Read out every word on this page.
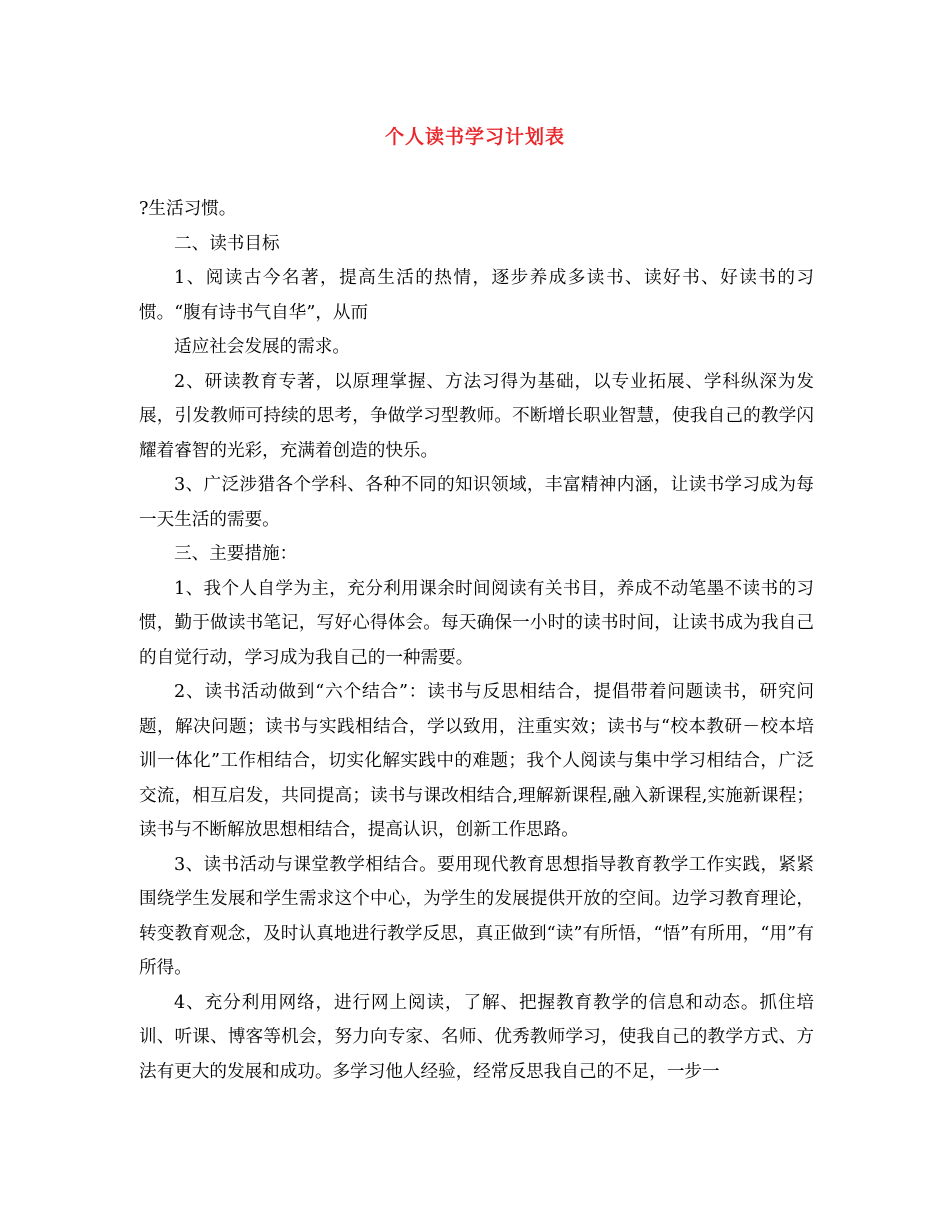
个人读书学习计划表

?生活习惯。

二、读书目标

1、阅读古今名著，提高生活的热情，逐步养成多读书、读好书、好读书的习惯。“腹有诗书气自华”，从而

适应社会发展的需求。

2、研读教育专著，以原理掌握、方法习得为基础，以专业拓展、学科纵深为发展，引发教师可持续的思考，争做学习型教师。不断增长职业智慧，使我自己的教学闪耀着睿智的光彩，充满着创造的快乐。

3、广泛涉猎各个学科、各种不同的知识领域，丰富精神内涵，让读书学习成为每一天生活的需要。

三、主要措施：

1、我个人自学为主，充分利用课余时间阅读有关书目，养成不动笔墨不读书的习惯，勤于做读书笔记，写好心得体会。每天确保一小时的读书时间，让读书成为我自己的自觉行动，学习成为我自己的一种需要。

2、读书活动做到“六个结合”：读书与反思相结合，提倡带着问题读书，研究问题，解决问题；读书与实践相结合，学以致用，注重实效；读书与“校本教研－校本培训一体化”工作相结合，切实化解实践中的难题；我个人阅读与集中学习相结合，广泛交流，相互启发，共同提高；读书与课改相结合,理解新课程,融入新课程,实施新课程；读书与不断解放思想相结合，提高认识，创新工作思路。

3、读书活动与课堂教学相结合。要用现代教育思想指导教育教学工作实践，紧紧围绕学生发展和学生需求这个中心，为学生的发展提供开放的空间。边学习教育理论，转变教育观念，及时认真地进行教学反思，真正做到“读”有所悟，“悟”有所用，“用”有所得。

4、充分利用网络，进行网上阅读，了解、把握教育教学的信息和动态。抓住培训、听课、博客等机会，努力向专家、名师、优秀教师学习，使我自己的教学方式、方法有更大的发展和成功。多学习他人经验，经常反思我自己的不足，一步一
